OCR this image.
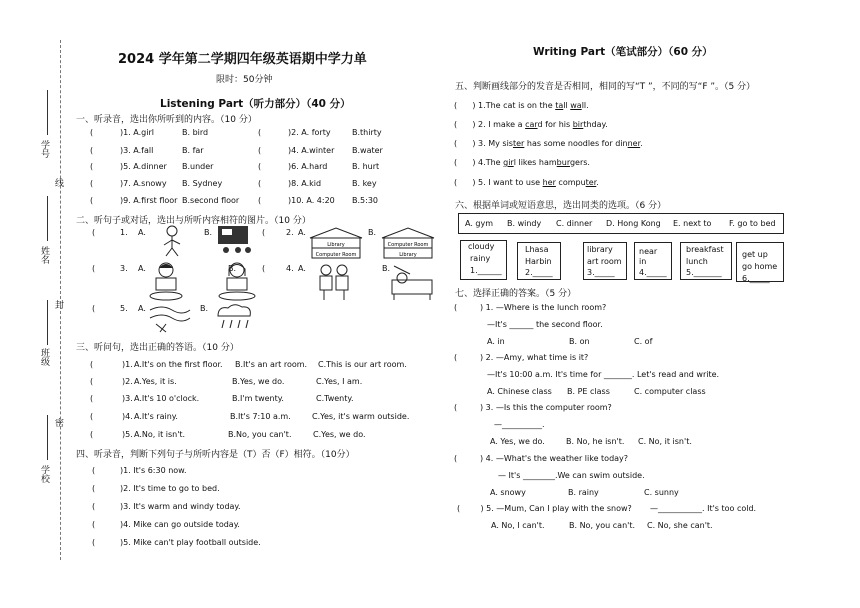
学号
线
姓名
封
班级
密
学校
2024 学年第二学期四年级英语期中学力单
限时：50分钟
Listening Part（听力部分）（40 分）
一、听录音，选出你所听到的内容。（10 分）
(	)1. A.girl	B. bird	(	)2. A. forty	B.thirty
(	)3. A.fall	B. far	(	)4. A.winter B.water
(	)5. A.dinner B.under	(	)6. A.hard	B. hurt
(	)7. A.snowy B. Sydney	(	)8. A.kid	B. key
(	)9. A.first floor B.second floor (	)10. A. 4:20 B.5:30
二、听句子或对话，选出与所听内容相符的图片。（10 分）
(	1. A.	B.	(	2. A.	B.
Library
Computer Room
Computer Room
Library
(	3. A.	B.	(	4. A.	B.
(	5. A.	B.
三、听问句，选出正确的答语。（10 分）
(	)1. A.It's on the first floor. B.It's an art room. C.This is our art room.
(	)2. A.Yes, it is.	B.Yes, we do.	C.Yes, I am.
(	)3. A.It's 10 o'clock.	B.I'm twenty.	C.Twenty.
(	)4. A.It's rainy.	B.It's 7:10 a.m.	C.Yes, it's warm outside.
(	)5. A.No, it isn't.	B.No, you can't.	C.Yes, we do.
四、听录音，判断下列句子与所听内容是（T）否（F）相符。（10分）
(	)1. It's 6:30 now.
(	)2. It's time to go to bed.
(	)3. It's warm and windy today.
(	)4. Mike can go outside today.
(	)5. Mike can't play football outside.
Writing Part（笔试部分）（60 分）
五、判断画线部分的发音是否相同，相同的写“T ”，不同的写“F ”。（5 分）
(      ) 1.The cat is on the tall wall.
(      ) 2. I make a card for his birthday.
(      ) 3. My sister has some noodles for dinner.
(      ) 4.The girl likes hamburgers.
(      ) 5. I want to use her computer.
六、根据单词或短语意思，选出同类的选项。（6 分）
A. gym B. windy C. dinner D. Hong Kong E. next to F. go to bed
cloudy
rainy
1.______
Lhasa
Harbin
2._____
library
art room
3._____
near
in
4._____
breakfast
lunch
5._______
get up
go home
6._____
七、选择正确的答案。（5 分）
(         ) 1. —Where is the lunch room?
—It's ______ the second floor.
A. in	B. on	C. of
(         ) 2. —Amy, what time is it?
—It's 10:00 a.m. It's time for _______. Let's read and write.
A. Chinese class B. PE class	C. computer class
(         ) 3. —Is this the computer room?
—__________.
A. Yes, we do.	B. No, he isn't. C. No, it isn't.
(         ) 4. —What's the weather like today?
— It's ________.We can swim outside.
A. snowy	B. rainy	C. sunny
(        ) 5. —Mum, Can I play with the snow? —___________. It's too cold.
A. No, I can't.	B. No, you can't. C. No, she can't.
